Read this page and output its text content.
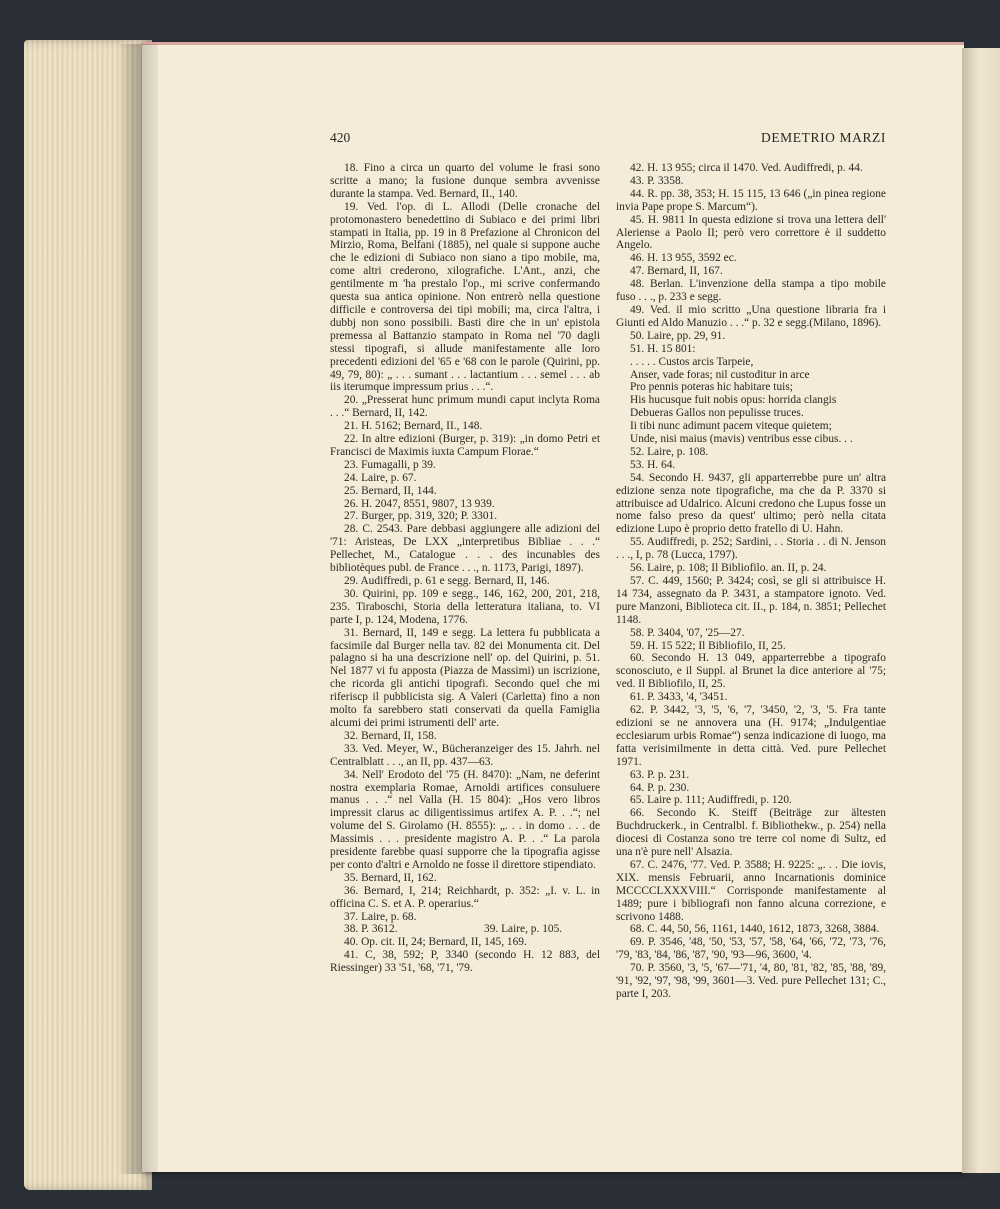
420	DEMETRIO MARZI

18. Fino a circa un quarto del volume le frasi sono scritte a mano; la fusione dunque sembra avvenisse durante la stampa. Ved. Bernard, II., 140.

19. Ved. l'op. di L. Allodi (Delle cronache del protomonastero benedettino di Subiaco e dei primi libri stampati in Italia, pp. 19 in 8 Prefazione al Chronicon del Mirzio, Roma, Belfani (1885), nel quale si suppone auche che le edizioni di Subiaco non siano a tipo mobile, ma, come altri crederono, xilografiche. L'Ant., anzi, che gentilmente m 'ha prestalo l'op., mi scrive confermando questa sua antica opinione. Non entrerò nella questione difficile e controversa dei tipi mobili; ma, circa l'altra, i dubbj non sono possibili. Basti dire che in un' epistola premessa al Battanzio stampato in Roma nel '70 dagli stessi tipografi, si allude manifestamente alle loro precedenti edizioni del '65 e '68 con le parole (Quirini, pp. 49, 79, 80): „ . . . sumant . . . lactantium . . . semel . . . ab iis iterumque impressum prius . . .“.

20. „Presserat hunc primum mundi caput inclyta Roma . . .“ Bernard, II, 142.

21. H. 5162; Bernard, II., 148.

22. In altre edizioni (Burger, p. 319): „in domo Petri et Francisci de Maximis iuxta Campum Florae.“

23. Fumagalli, p 39.

24. Laire, p. 67.

25. Bernard, II, 144.

26. H. 2047, 8551, 9807, 13 939.

27. Burger, pp. 319, 320; P. 3301.

28. C. 2543. Pare debbasi aggiungere alle adizioni del '71: Aristeas, De LXX „interpretibus Bibliae . . .“ Pellechet, M., Catalogue . . . des incunables des bibliotèques publ. de France . . ., n. 1173, Parigi, 1897).

29. Audiffredi, p. 61 e segg. Bernard, II, 146.

30. Quirini, pp. 109 e segg., 146, 162, 200, 201, 218, 235. Tiraboschi, Storia della letteratura italiana, to. VI parte I, p. 124, Modena, 1776.

31. Bernard, II, 149 e segg. La lettera fu pubblicata a facsimile dal Burger nella tav. 82 dei Monumenta cit. Del palagno si ha una descrizione nell' op. del Quirini, p. 51. Nel 1877 vi fu apposta (Piazza de Massimi) un iscrizione, che ricorda gli antichi tipografi. Secondo quel che mi riferiscp il pubblicista sig. A Valeri (Carletta) fino a non molto fa sarebbero stati conservati da quella Famiglia alcumi dei primi istrumenti dell' arte.

32. Bernard, II, 158.

33. Ved. Meyer, W., Bücheranzeiger des 15. Jahrh. nel Centralblatt . . ., an II, pp. 437—63.

34. Nell' Erodoto del '75 (H. 8470): „Nam, ne deferint nostra exemplaria Romae, Arnoldi artifices consuluere manus . . .“ nel Valla (H. 15 804): „Hos vero libros impressit clarus ac diligentissimus artifex A. P. . .“; nel volume del S. Girolamo (H. 8555): „. . . in domo . . . de Massimis . . . presidente magistro A. P. . .“ La parola presidente farebbe quasi supporre che la tipografia agisse per conto d'altri e Arnoldo ne fosse il direttore stipendiato.

35. Bernard, II, 162.

36. Bernard, I, 214; Reichhardt, p. 352: „I. v. L. in officina C. S. et A. P. operarius.“

37. Laire, p. 68.

38. P. 3612.	39. Laire, p. 105.

40. Op. cit. II, 24; Bernard, II, 145, 169.

41. C, 38, 592; P, 3340 (secondo H. 12 883, del Riessinger) 33 '51, '68, '71, '79.

42. H. 13 955; circa il 1470. Ved. Audiffredi, p. 44.

43. P. 3358.

44. R. pp. 38, 353; H. 15 115, 13 646 („in pinea regione invia Pape prope S. Marcum“).

45. H. 9811 In questa edizione si trova una lettera dell' Aleriense a Paolo II; però vero correttore è il suddetto Angelo.

46. H. 13 955, 3592 ec.

47. Bernard, II, 167.

48. Berlan. L'invenzione della stampa a tipo mobile fuso . . ., p. 233 e segg.

49. Ved. il mio scritto „Una questione libraria fra i Giunti ed Aldo Manuzio . . .“ p. 32 e segg.(Milano, 1896).

50. Laire, pp. 29, 91.

51. H. 15 801:

. . . . . Custos arcis Tarpeie,

Anser, vade foras; nil custoditur in arce

Pro pennis poteras hic habitare tuis;

His hucusque fuit nobis opus: horrida clangis

Debueras Gallos non pepulisse truces.

Ii tibi nunc adimunt pacem viteque quietem;

Unde, nisi maius (mavis) ventribus esse cibus. . .

52. Laire, p. 108.

53. H. 64.

54. Secondo H. 9437, gli apparterrebbe pure un' altra edizione senza note tipografiche, ma che da P. 3370 si attribuisce ad Udalrico. Alcuni credono che Lupus fosse un nome falso preso da quest' ultimo; però nella citata edizione Lupo è proprio detto fratello di U. Hahn.

55. Audiffredi, p. 252; Sardini, . . Storia . . di N. Jenson . . ., I, p. 78 (Lucca, 1797).

56. Laire, p. 108; Il Bibliofilo. an. II, p. 24.

57. C. 449, 1560; P. 3424; così, se gli si attribuisce H. 14 734, assegnato da P. 3431, a stampatore ignoto. Ved. pure Manzoni, Biblioteca cit. II., p. 184, n. 3851; Pellechet 1148.

58. P. 3404, '07, '25—27.

59. H. 15 522; Il Bibliofilo, II, 25.

60. Secondo H. 13 049, apparterrebbe a tipografo sconosciuto, e il Suppl. al Brunet la dice anteriore al '75; ved. Il Bibliofilo, II, 25.

61. P. 3433, '4, '3451.

62. P. 3442, '3, '5, '6, '7, '3450, '2, '3, '5. Fra tante edizioni se ne annovera una (H. 9174; „Indulgentiae ecclesiarum urbis Romae“) senza indicazione di luogo, ma fatta verisimilmente in detta città. Ved. pure Pellechet 1971.

63. P. p. 231.

64. P. p. 230.

65. Laire p. 111; Audiffredi, p. 120.

66. Secondo K. Steiff (Beiträge zur ältesten Buchdruckerk., in Centralbl. f. Bibliothekw., p. 254) nella diocesi di Costanza sono tre terre col nome di Sultz, ed una n'è pure nell' Alsazia.

67. C. 2476, '77. Ved. P. 3588; H. 9225: „. . . Die iovis, XIX. mensis Februarii, anno Incarnationis dominice MCCCCLXXXVIII.“ Corrisponde manifestamente al 1489; pure i bibliografi non fanno alcuna correzione, e scrivono 1488.

68. C. 44, 50, 56, 1161, 1440, 1612, 1873, 3268, 3884.

69. P. 3546, '48, '50, '53, '57, '58, '64, '66, '72, '73, '76, '79, '83, '84, '86, '87, '90, '93—96, 3600, '4.

70. P. 3560, '3, '5, '67—'71, '4, 80, '81, '82, '85, '88, '89, '91, '92, '97, '98, '99, 3601—3. Ved. pure Pellechet 131; C., parte I, 203.
